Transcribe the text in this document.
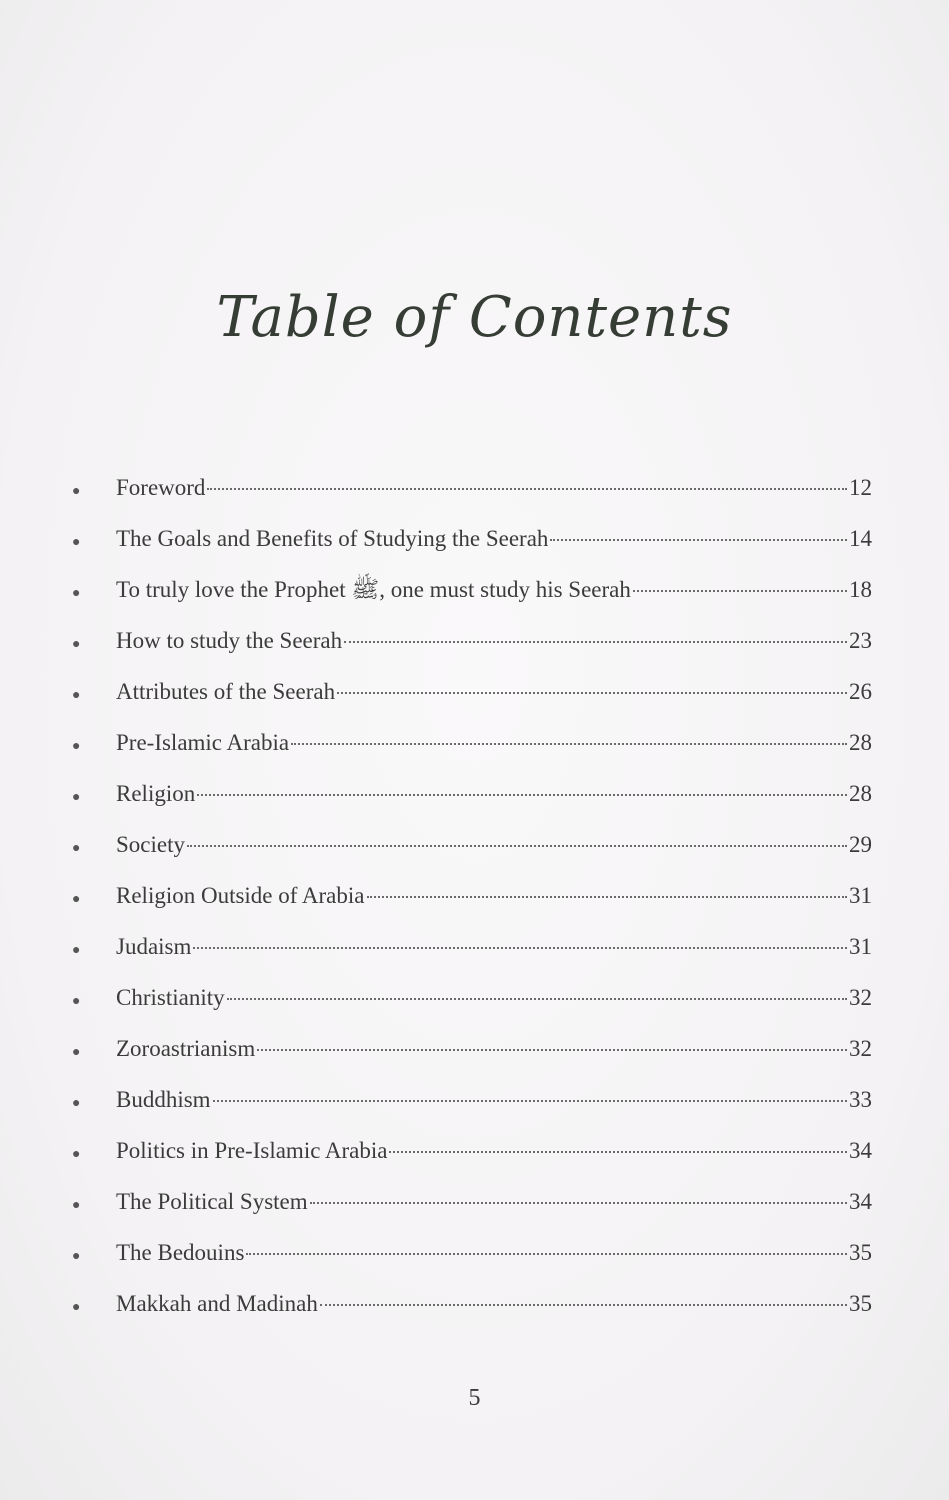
Table of Contents
●	Foreword	12
●	The Goals and Benefits of Studying the Seerah	14
●	To truly love the Prophet ﷺ, one must study his Seerah	18
●	How to study the Seerah	23
●	Attributes of the Seerah	26
●	Pre-Islamic Arabia	28
●	Religion	28
●	Society	29
●	Religion Outside of Arabia	31
●	Judaism	31
●	Christianity	32
●	Zoroastrianism	32
●	Buddhism	33
●	Politics in Pre-Islamic Arabia	34
●	The Political System	34
●	The Bedouins	35
●	Makkah and Madinah	35
5
